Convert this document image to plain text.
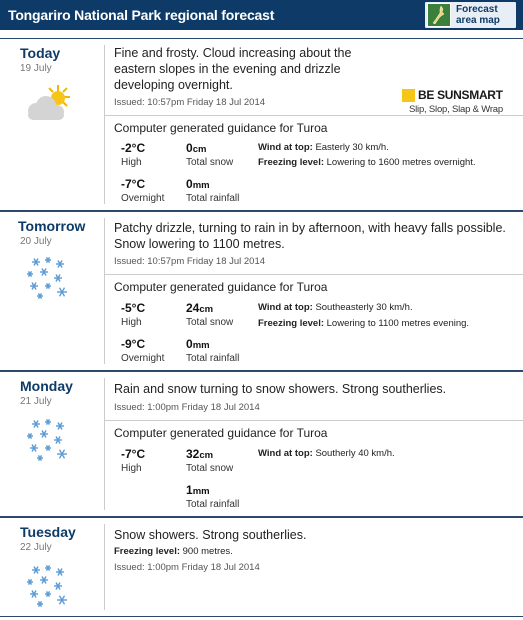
Tongariro National Park regional forecast	Forecast area map
Today
19 July
Fine and frosty. Cloud increasing about the eastern slopes in the evening and drizzle developing overnight.
Issued: 10:57pm Friday 18 Jul 2014
BE SUNSMART
Slip, Slop, Slap & Wrap
Computer generated guidance for Turoa
-2°C
High
0cm
Total snow
Wind at top: Easterly 30 km/h.
Freezing level: Lowering to 1600 metres overnight.
-7°C
Overnight
0mm
Total rainfall
Tomorrow
20 July
Patchy drizzle, turning to rain in by afternoon, with heavy falls possible. Snow lowering to 1100 metres.
Issued: 10:57pm Friday 18 Jul 2014
Computer generated guidance for Turoa
-5°C
High
24cm
Total snow
Wind at top: Southeasterly 30 km/h.
Freezing level: Lowering to 1100 metres evening.
-9°C
Overnight
0mm
Total rainfall
Monday
21 July
Rain and snow turning to snow showers. Strong southerlies.
Issued: 1:00pm Friday 18 Jul 2014
Computer generated guidance for Turoa
-7°C
High
32cm
Total snow
Wind at top: Southerly 40 km/h.
1mm
Total rainfall
Tuesday
22 July
Snow showers. Strong southerlies.
Freezing level: 900 metres.
Issued: 1:00pm Friday 18 Jul 2014
